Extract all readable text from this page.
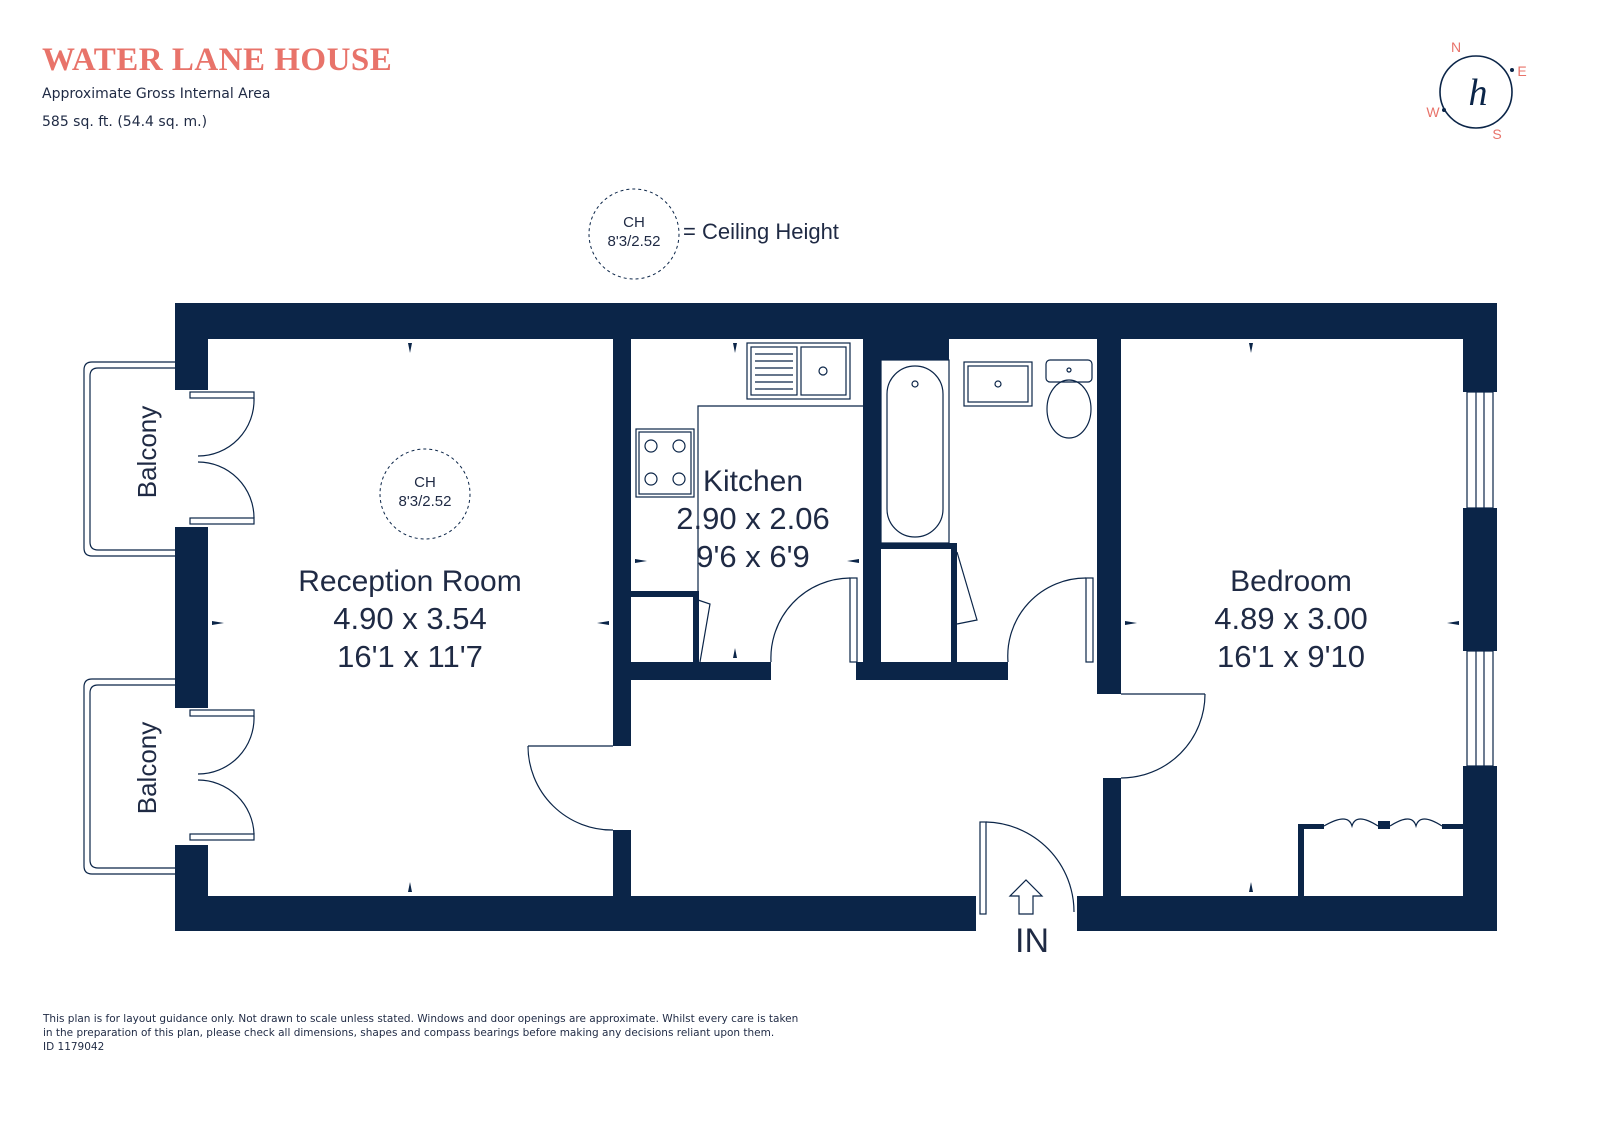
WATER LANE HOUSE
Approximate Gross Internal Area
585 sq. ft. (54.4 sq. m.)
N
E
S
W h
CH
8'3/2.52 = Ceiling Height
Balcony
Balcony
IN
CH
8'3/2.52
Reception Room
4.90 x 3.54
16'1 x 11'7
Kitchen
2.90 x 2.06
9'6 x 6'9
Bedroom
4.89 x 3.00
16'1 x 9'10
This plan is for layout guidance only. Not drawn to scale unless stated. Windows and door openings are approximate. Whilst every care is taken
in the preparation of this plan, please check all dimensions, shapes and compass bearings before making any decisions reliant upon them.
ID 1179042
